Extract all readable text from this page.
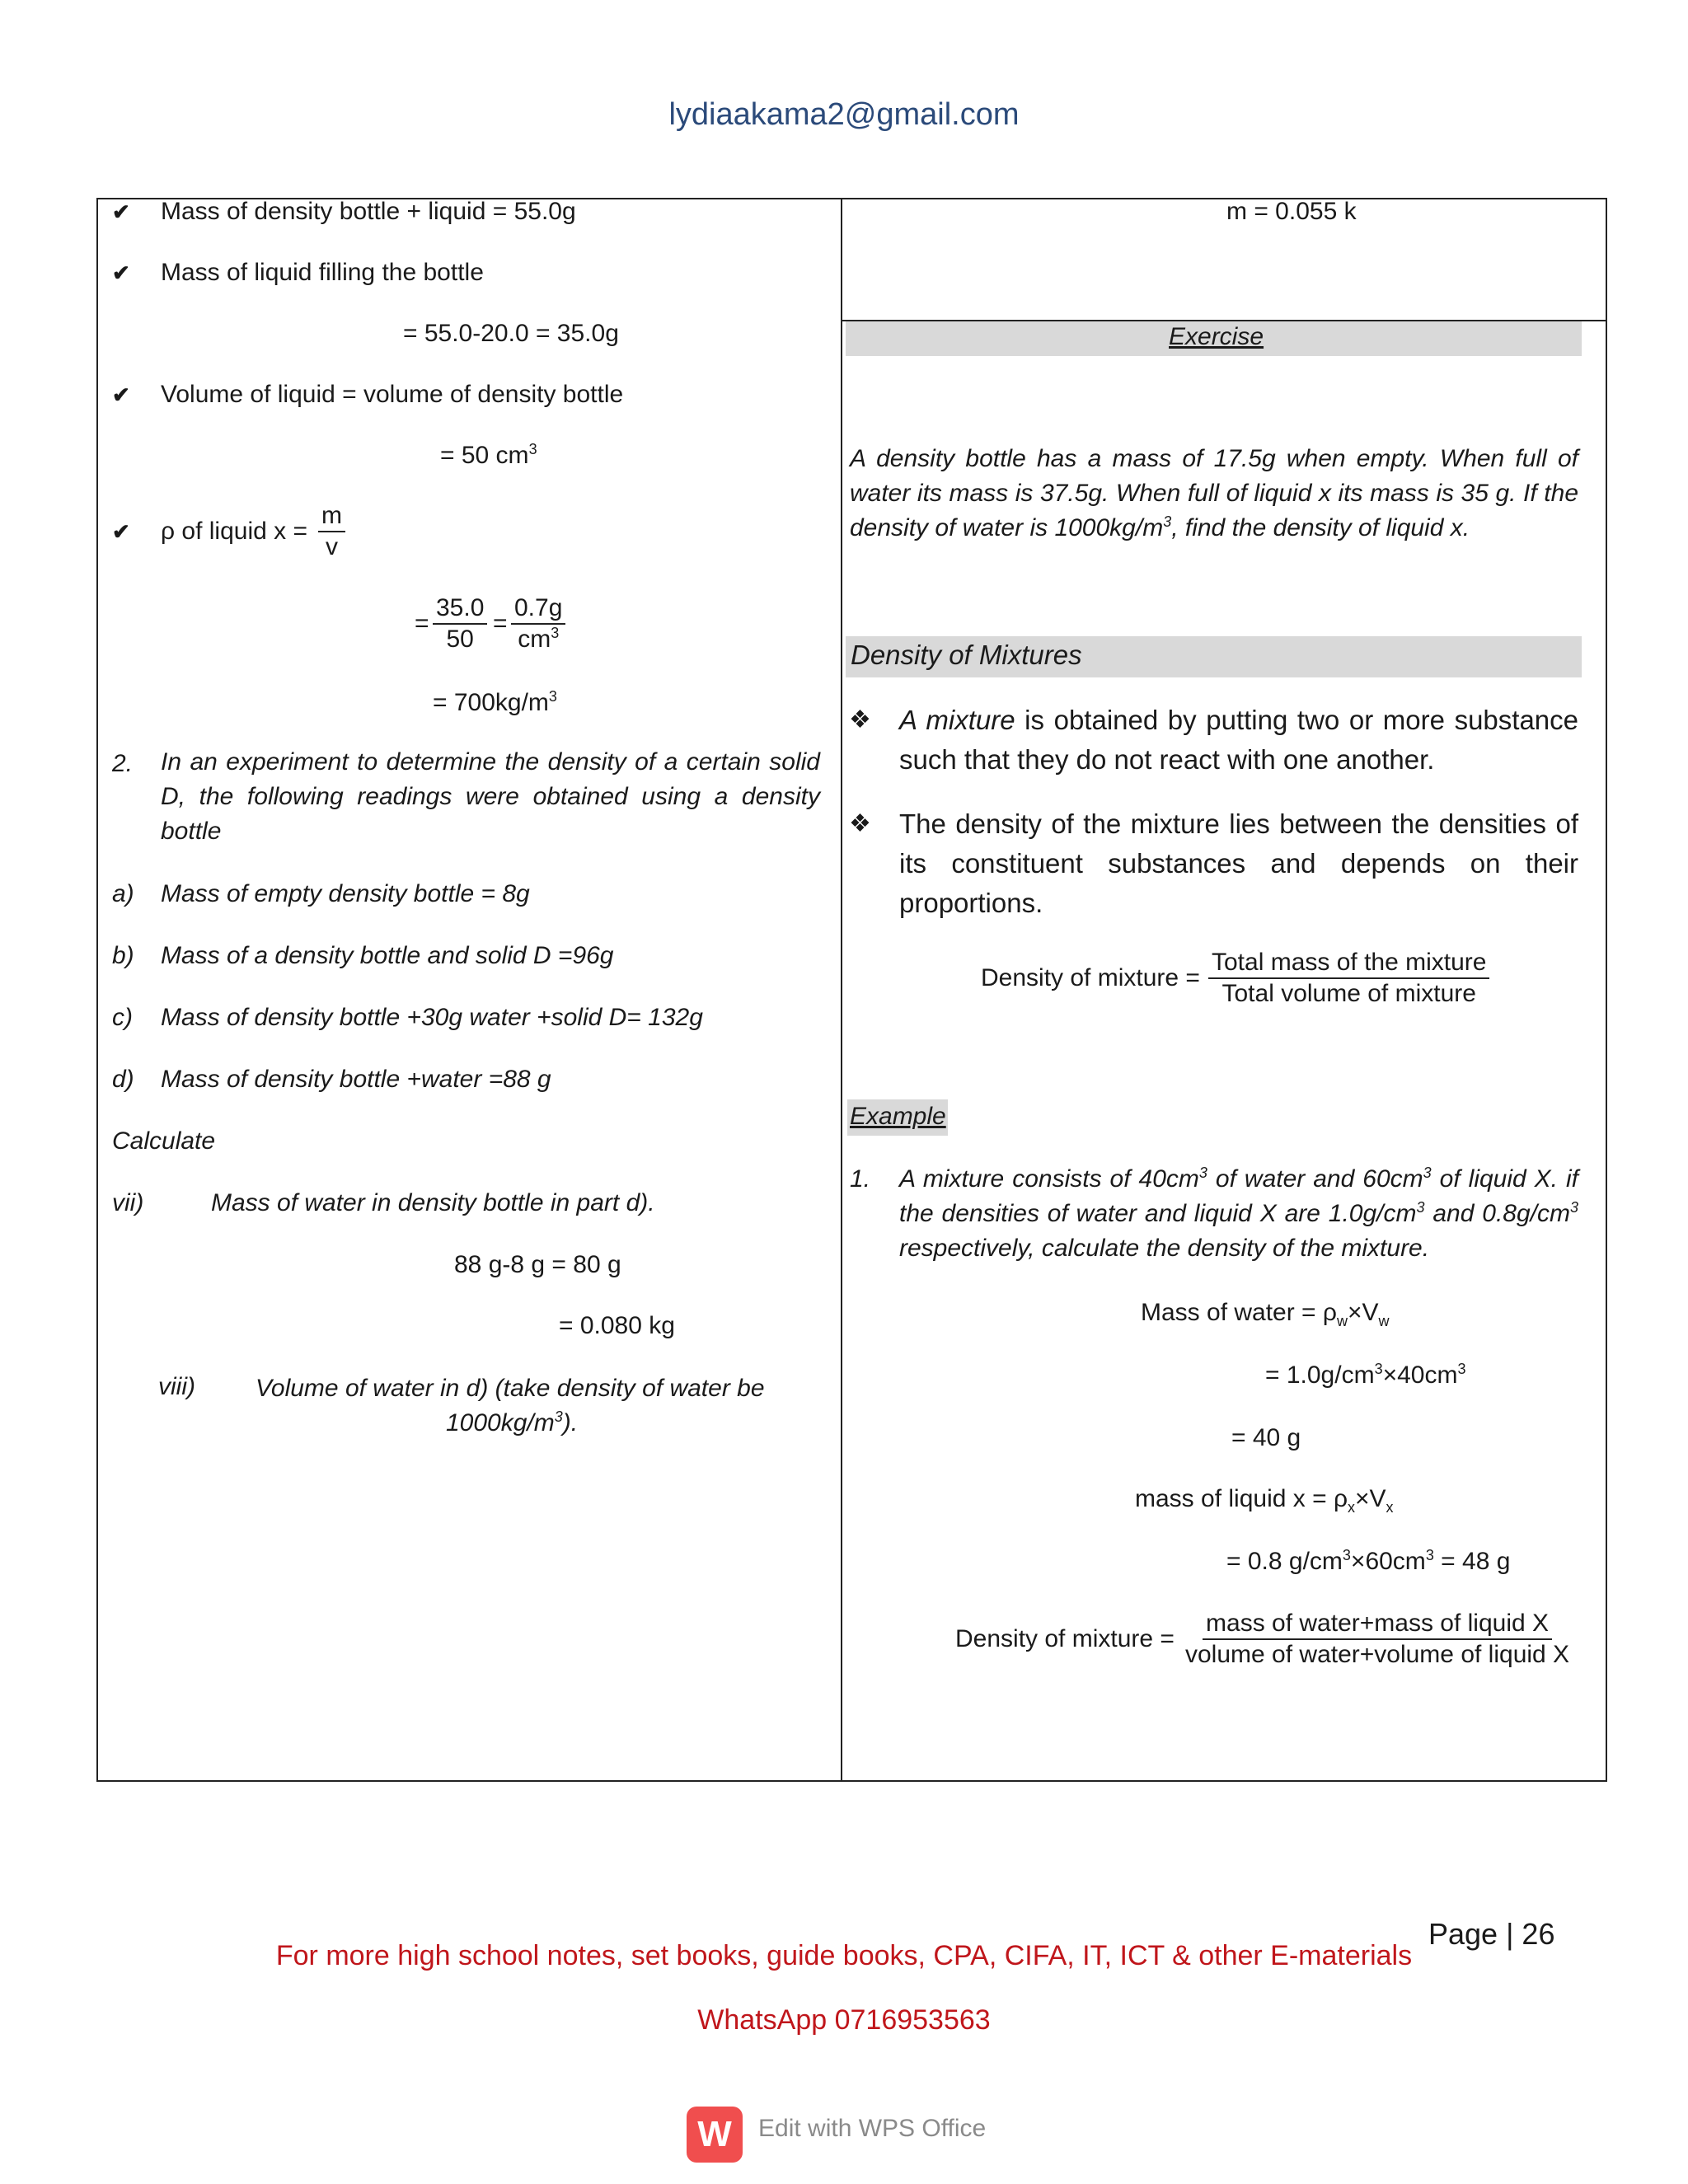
lydiaakama2@gmail.com
✔ Mass of density bottle + liquid = 55.0g
✔ Mass of liquid filling the bottle
= 55.0-20.0 = 35.0g
✔ Volume of liquid = volume of density bottle
= 50 $cm^3$
✔ ρ of liquid $x = \frac{m}{v}$
= $\frac{35.0}{50} = \frac{0.7g}{cm^3}$
= $700kg/m^3$
2. In an experiment to determine the density of a certain solid D, the following readings were obtained using a density bottle
a) Mass of empty density bottle = 8g
b) Mass of a density bottle and solid D =96g
c) Mass of density bottle +30g water +solid D= 132g
d) Mass of density bottle +water =88 g
Calculate
vii)	Mass of water in density bottle in part d).
88 g-8 g = 80 g
= 0.080 kg
viii) Volume of water in d) (take density of water be
$1000kg/m^3$).
m = 0.055 k
Exercise
A density bottle has a mass of 17.5g when empty. When full of water its mass is 37.5g. When full of liquid x its mass is 35 g. If the density of water is $1000kg/m^3$, find the density of liquid x.
Density of Mixtures
❖ A mixture is obtained by putting two or more substance such that they do not react with one another.
❖ The density of the mixture lies between the densities of its constituent substances and depends on their proportions.
Density of mixture =
Total mass of the mixture
Total volume of mixture
Example
1. A mixture consists of $40cm^3$ of water and $60cm^3$ of liquid X. if the densities of water and liquid X are $1.0g/cm^3$ and $0.8g/cm^3$ respectively, calculate the density of the mixture.
Mass of water = $\rho_w\times V_w$
= $1.0g/cm^3\times 40cm^3$
= 40 g
mass of liquid $x = \rho_x\times V_x$
= 0.8 $g/cm^3\times 60cm^3 = 48$ g
Density of mixture =
mass of water+mass of liquid X
volume of water+volume of liquid X
Page | 26
For more high school notes, set books, guide books, CPA, CIFA, IT, ICT & other E-materials
WhatsApp 0716953563
W	Edit with WPS Office
